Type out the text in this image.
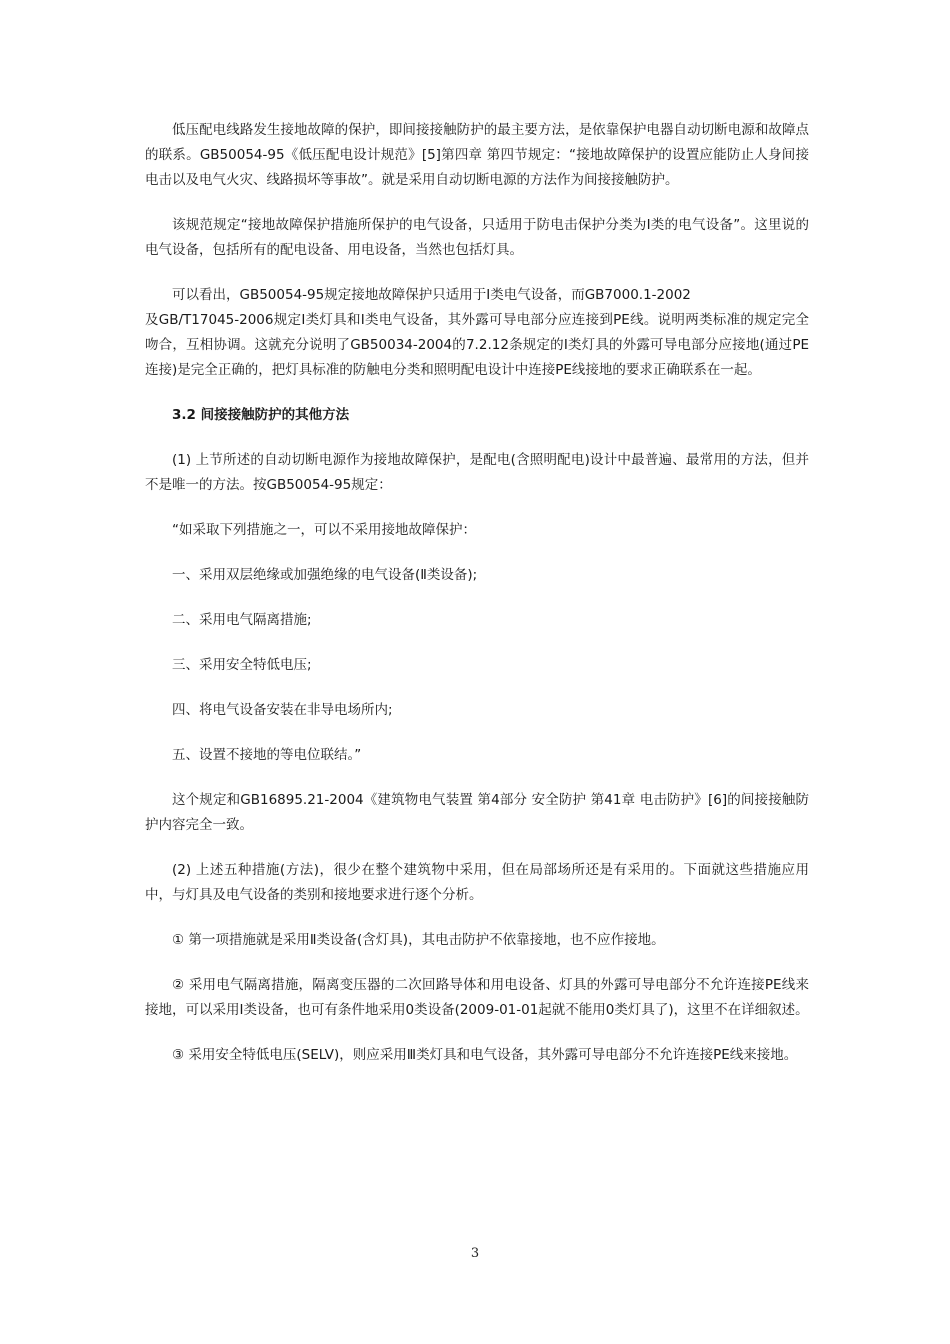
低压配电线路发生接地故障的保护，即间接接触防护的最主要方法，是依靠保护电器自动切断电源和故障点的联系。GB50054-95《低压配电设计规范》[5]第四章 第四节规定：“接地故障保护的设置应能防止人身间接电击以及电气火灾、线路损坏等事故”。就是采用自动切断电源的方法作为间接接触防护。

该规范规定“接地故障保护措施所保护的电气设备，只适用于防电击保护分类为Ⅰ类的电气设备”。这里说的电气设备，包括所有的配电设备、用电设备，当然也包括灯具。

可以看出，GB50054-95规定接地故障保护只适用于Ⅰ类电气设备，而GB7000.1-2002

及GB/T17045-2006规定Ⅰ类灯具和Ⅰ类电气设备，其外露可导电部分应连接到PE线。说明两类标准的规定完全吻合，互相协调。这就充分说明了GB50034-2004的7.2.12条规定的Ⅰ类灯具的外露可导电部分应接地(通过PE连接)是完全正确的，把灯具标准的防触电分类和照明配电设计中连接PE线接地的要求正确联系在一起。

3.2 间接接触防护的其他方法

(1) 上节所述的自动切断电源作为接地故障保护，是配电(含照明配电)设计中最普遍、最常用的方法，但并不是唯一的方法。按GB50054-95规定：

“如采取下列措施之一，可以不采用接地故障保护：

一、采用双层绝缘或加强绝缘的电气设备(Ⅱ类设备);

二、采用电气隔离措施;

三、采用安全特低电压;

四、将电气设备安装在非导电场所内;

五、设置不接地的等电位联结。”

这个规定和GB16895.21-2004《建筑物电气装置 第4部分 安全防护 第41章 电击防护》[6]的间接接触防护内容完全一致。

(2) 上述五种措施(方法)，很少在整个建筑物中采用，但在局部场所还是有采用的。下面就这些措施应用中，与灯具及电气设备的类别和接地要求进行逐个分析。

① 第一项措施就是采用Ⅱ类设备(含灯具)，其电击防护不依靠接地，也不应作接地。

② 采用电气隔离措施，隔离变压器的二次回路导体和用电设备、灯具的外露可导电部分不允许连接PE线来接地，可以采用Ⅰ类设备，也可有条件地采用0类设备(2009-01-01起就不能用0类灯具了)，这里不在详细叙述。

③ 采用安全特低电压(SELV)，则应采用Ⅲ类灯具和电气设备，其外露可导电部分不允许连接PE线来接地。

3
